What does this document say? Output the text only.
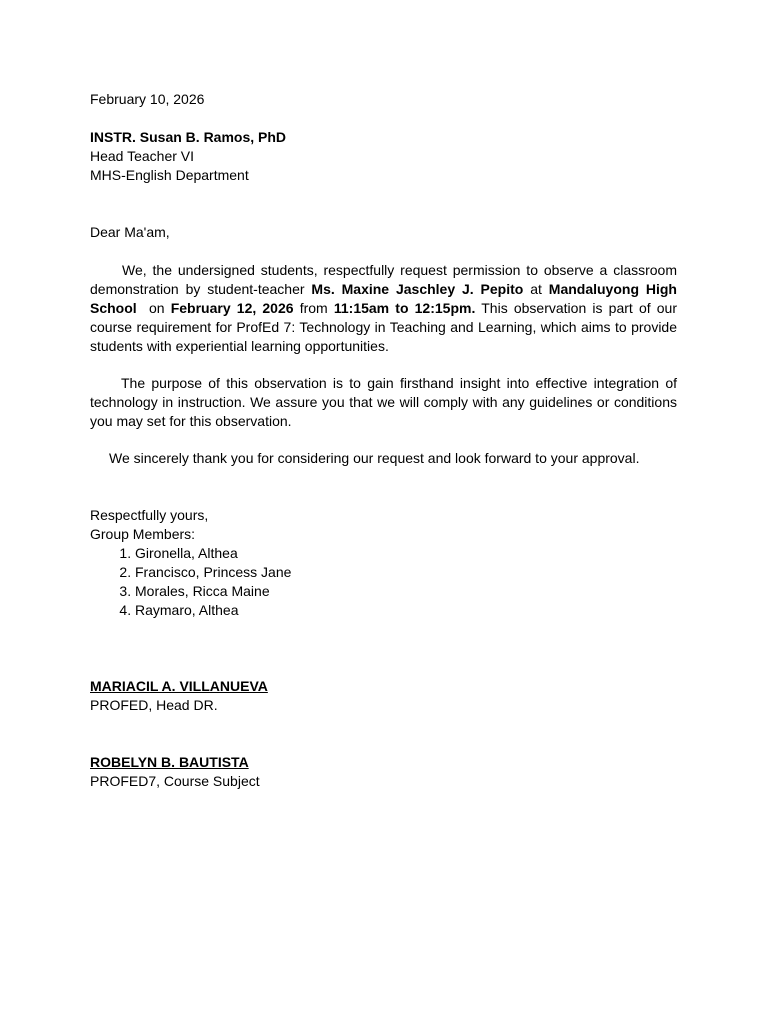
February 10, 2026

INSTR. Susan B. Ramos, PhD

Head Teacher VI

MHS-English Department

Dear Ma'am,

We, the undersigned students, respectfully request permission to observe a classroom demonstration by student-teacher Ms. Maxine Jaschley J. Pepito at Mandaluyong High School  on February 12, 2026 from 11:15am to 12:15pm. This observation is part of our course requirement for ProfEd 7: Technology in Teaching and Learning, which aims to provide students with experiential learning opportunities.

The purpose of this observation is to gain firsthand insight into effective integration of technology in instruction. We assure you that we will comply with any guidelines or conditions you may set for this observation.

We sincerely thank you for considering our request and look forward to your approval.

Respectfully yours,

Group Members:

1. Gironella, Althea
2. Francisco, Princess Jane
3. Morales, Ricca Maine
4. Raymaro, Althea

MARIACIL A. VILLANUEVA

PROFED, Head DR.

ROBELYN B. BAUTISTA

PROFED7, Course Subject
